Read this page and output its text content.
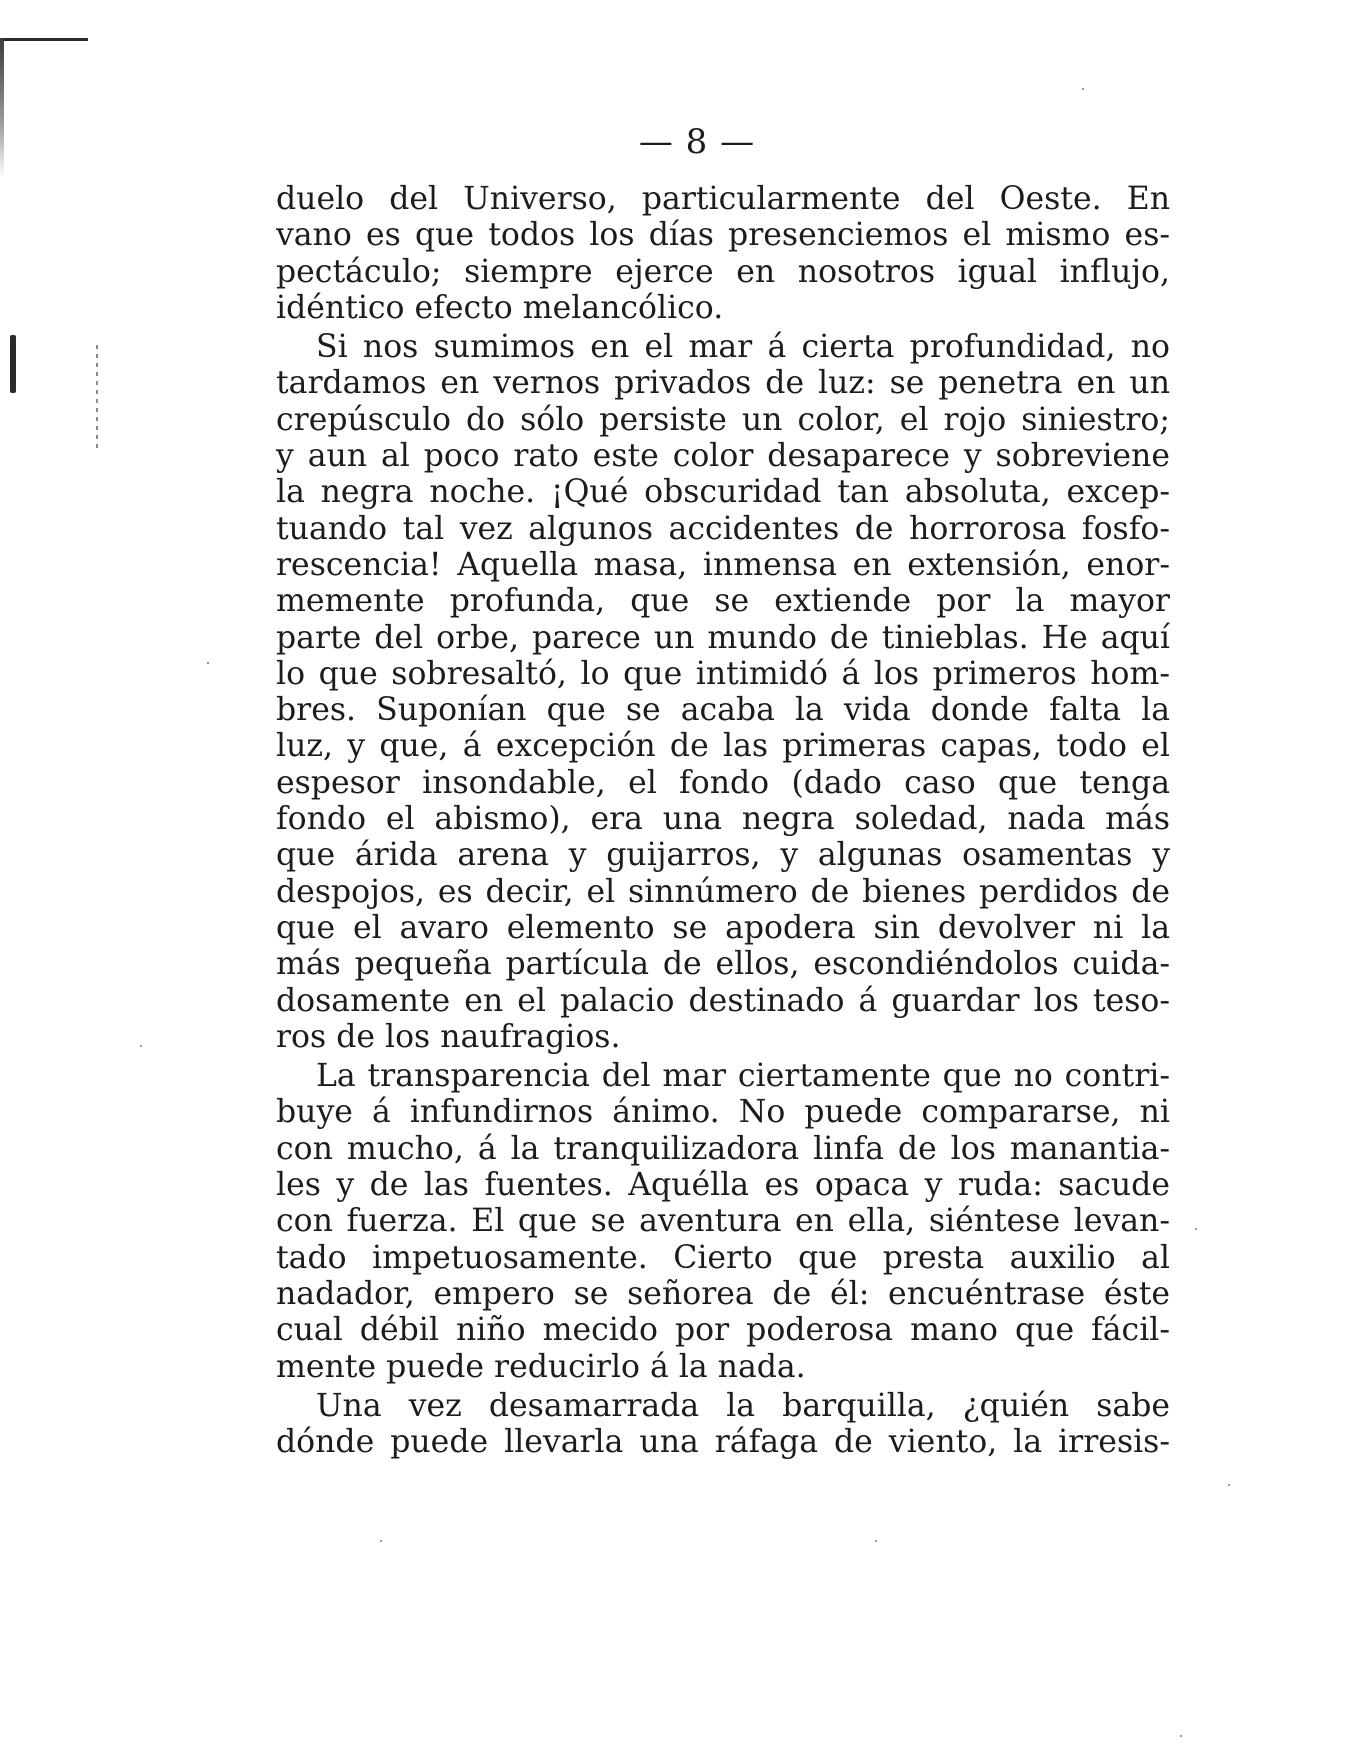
— 8 —
duelo del Universo, particularmente del Oeste. En
vano es que todos los días presenciemos el mismo es-
pectáculo; siempre ejerce en nosotros igual influjo,
idéntico efecto melancólico.
Si nos sumimos en el mar á cierta profundidad, no
tardamos en vernos privados de luz: se penetra en un
crepúsculo do sólo persiste un color, el rojo siniestro;
y aun al poco rato este color desaparece y sobreviene
la negra noche. ¡Qué obscuridad tan absoluta, excep-
tuando tal vez algunos accidentes de horrorosa fosfo-
rescencia! Aquella masa, inmensa en extensión, enor-
memente profunda, que se extiende por la mayor
parte del orbe, parece un mundo de tinieblas. He aquí
lo que sobresaltó, lo que intimidó á los primeros hom-
bres. Suponían que se acaba la vida donde falta la
luz, y que, á excepción de las primeras capas, todo el
espesor insondable, el fondo (dado caso que tenga
fondo el abismo), era una negra soledad, nada más
que árida arena y guijarros, y algunas osamentas y
despojos, es decir, el sinnúmero de bienes perdidos de
que el avaro elemento se apodera sin devolver ni la
más pequeña partícula de ellos, escondiéndolos cuida-
dosamente en el palacio destinado á guardar los teso-
ros de los naufragios.
La transparencia del mar ciertamente que no contri-
buye á infundirnos ánimo. No puede compararse, ni
con mucho, á la tranquilizadora linfa de los manantia-
les y de las fuentes. Aquélla es opaca y ruda: sacude
con fuerza. El que se aventura en ella, siéntese levan-
tado impetuosamente. Cierto que presta auxilio al
nadador, empero se señorea de él: encuéntrase éste
cual débil niño mecido por poderosa mano que fácil-
mente puede reducirlo á la nada.
Una vez desamarrada la barquilla, ¿quién sabe
dónde puede llevarla una ráfaga de viento, la irresis-
